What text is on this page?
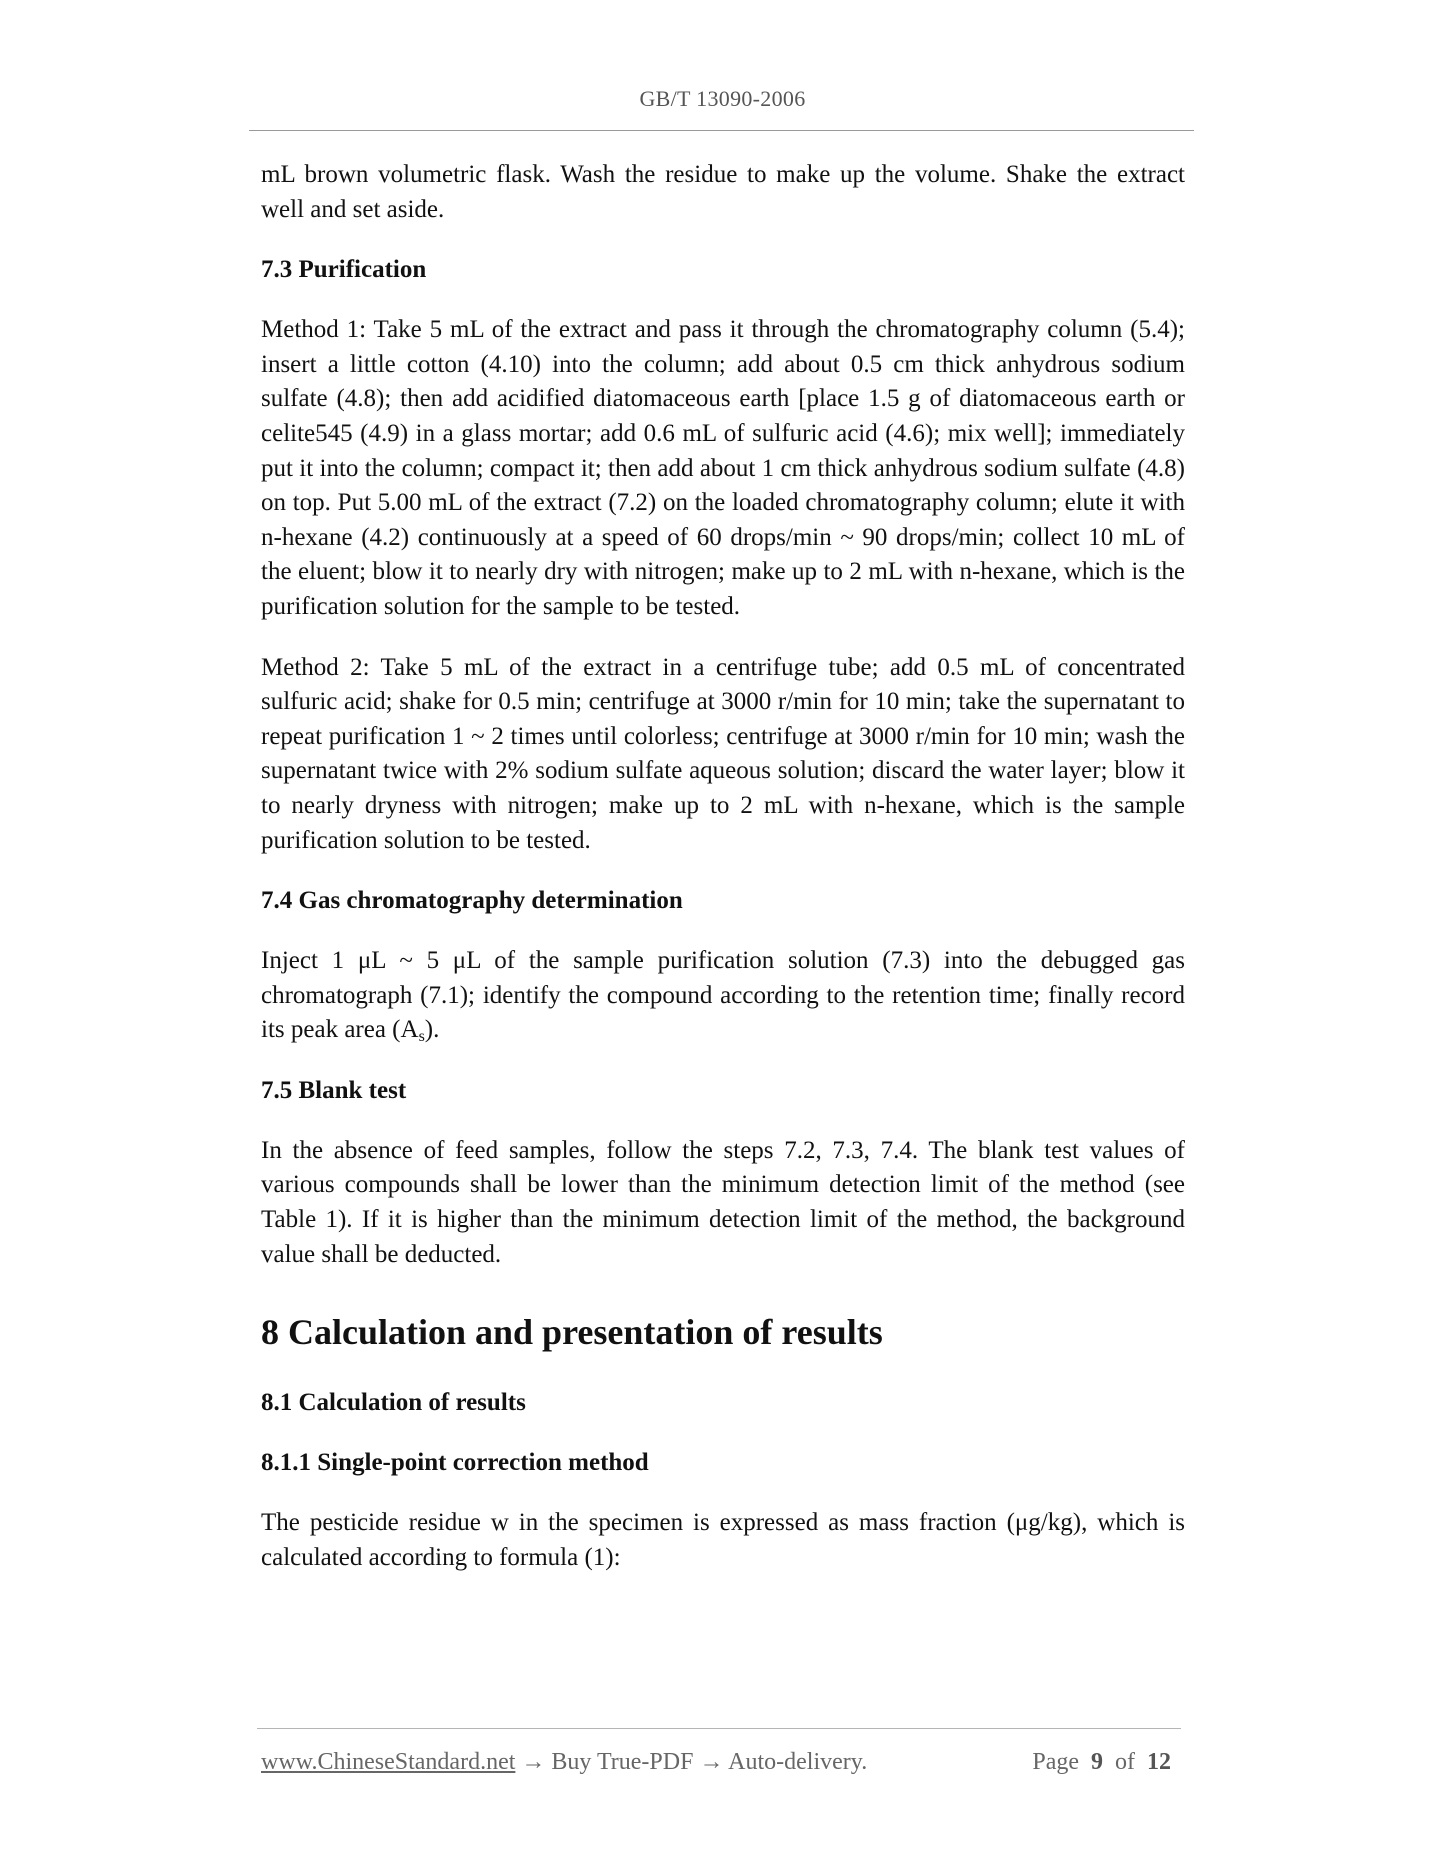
GB/T 13090-2006

mL brown volumetric flask. Wash the residue to make up the volume. Shake the extract well and set aside.

7.3 Purification

Method 1: Take 5 mL of the extract and pass it through the chromatography column (5.4); insert a little cotton (4.10) into the column; add about 0.5 cm thick anhydrous sodium sulfate (4.8); then add acidified diatomaceous earth [place 1.5 g of diatomaceous earth or celite545 (4.9) in a glass mortar; add 0.6 mL of sulfuric acid (4.6); mix well]; immediately put it into the column; compact it; then add about 1 cm thick anhydrous sodium sulfate (4.8) on top. Put 5.00 mL of the extract (7.2) on the loaded chromatography column; elute it with n-hexane (4.2) continuously at a speed of 60 drops/min ~ 90 drops/min; collect 10 mL of the eluent; blow it to nearly dry with nitrogen; make up to 2 mL with n-hexane, which is the purification solution for the sample to be tested.

Method 2: Take 5 mL of the extract in a centrifuge tube; add 0.5 mL of concentrated sulfuric acid; shake for 0.5 min; centrifuge at 3000 r/min for 10 min; take the supernatant to repeat purification 1 ~ 2 times until colorless; centrifuge at 3000 r/min for 10 min; wash the supernatant twice with 2% sodium sulfate aqueous solution; discard the water layer; blow it to nearly dryness with nitrogen; make up to 2 mL with n-hexane, which is the sample purification solution to be tested.

7.4 Gas chromatography determination

Inject 1 μL ~ 5 μL of the sample purification solution (7.3) into the debugged gas chromatograph (7.1); identify the compound according to the retention time; finally record its peak area $(A_s)$.

7.5 Blank test

In the absence of feed samples, follow the steps 7.2, 7.3, 7.4. The blank test values of various compounds shall be lower than the minimum detection limit of the method (see Table 1). If it is higher than the minimum detection limit of the method, the background value shall be deducted.

8 Calculation and presentation of results
8.1 Calculation of results
8.1.1 Single-point correction method

The pesticide residue w in the specimen is expressed as mass fraction (μg/kg), which is calculated according to formula (1):

www.ChineseStandard.net → Buy True-PDF → Auto-delivery.	Page 9 of 12
